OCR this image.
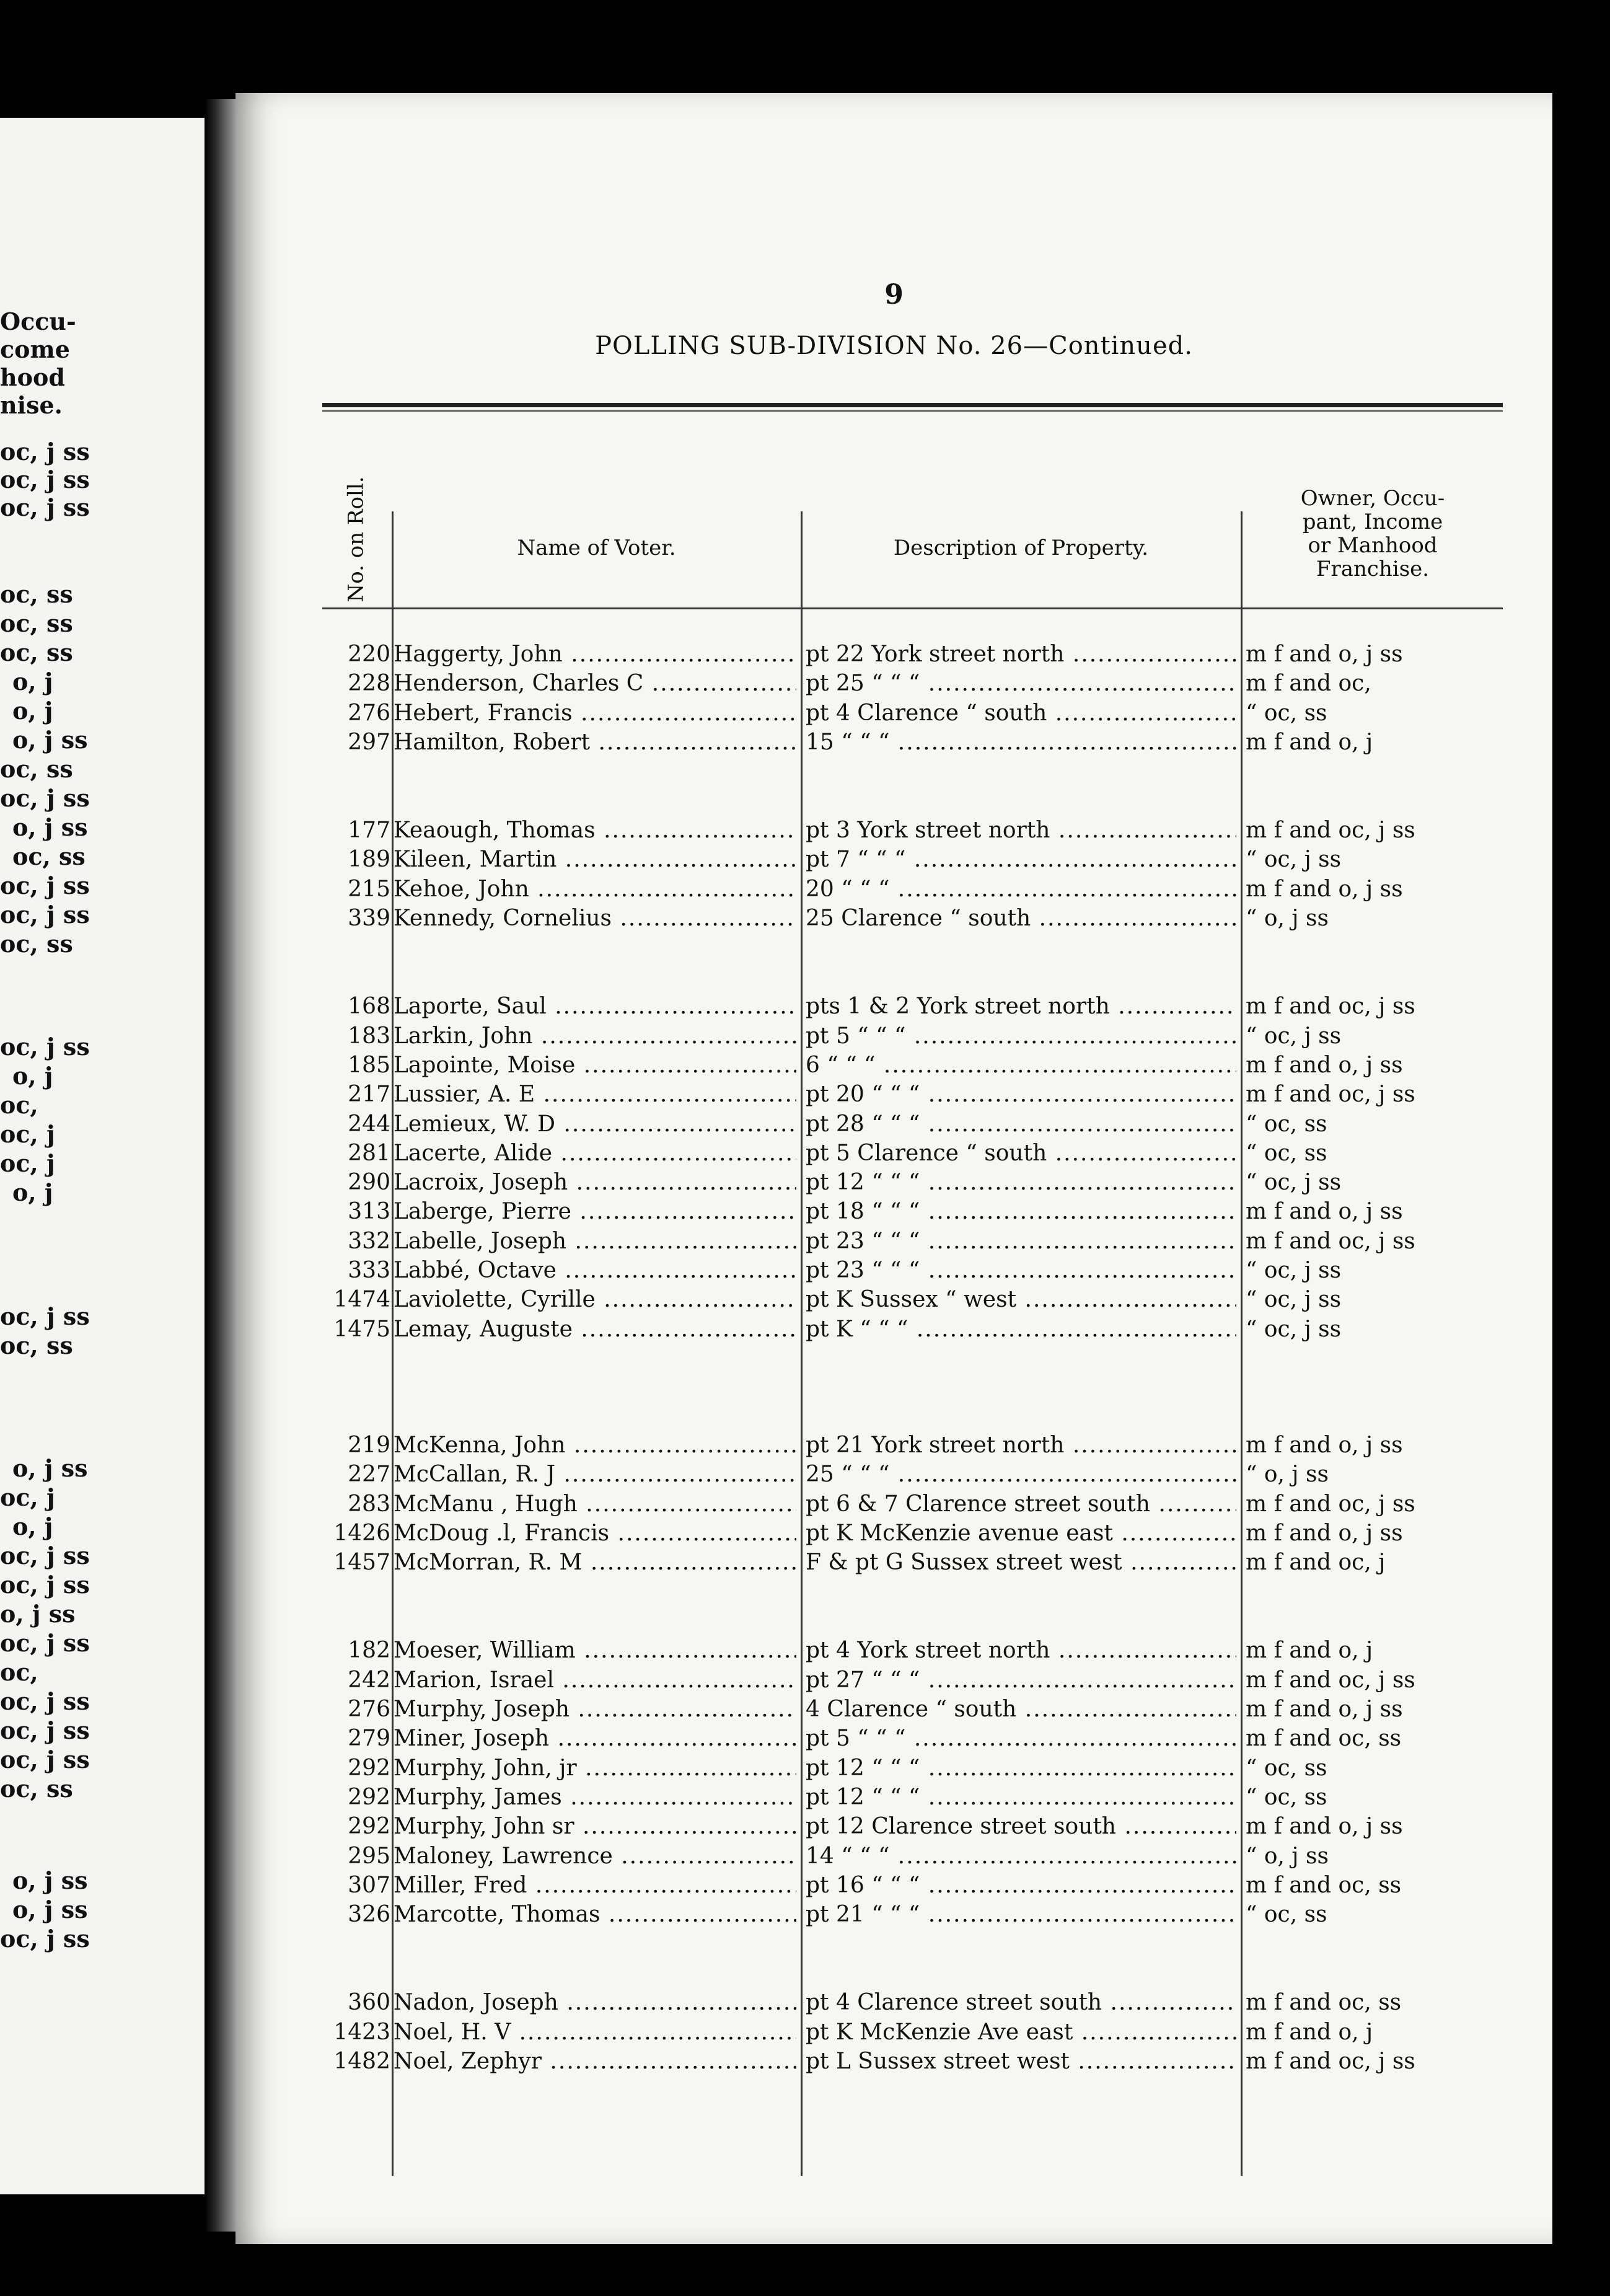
Occu-
come
hood
nise.
oc, j ss
oc, j ss
oc, j ss
oc, ss
oc, ss
oc, ss
o, j
o, j
o, j ss
oc, ss
oc, j ss
o, j ss
oc, ss
oc, j ss
oc, j ss
oc, ss
oc, j ss
o, j
oc,
oc, j
oc, j
o, j
oc, j ss
oc, ss
o, j ss
oc, j
o, j
oc, j ss
oc, j ss
o, j ss
oc, j ss
oc,
oc, j ss
oc, j ss
oc, j ss
oc, ss
o, j ss
o, j ss
oc, j ss
9
POLLING SUB-DIVISION No. 26—Continued.
No. on Roll.	Name of Voter.	Description of Property.
Owner, Occu-
pant, Income
or Manhood
Franchise.
220 Haggerty, John .....	pt 22 York street north .....	m f and o, j ss
228 Henderson, Charles C .....	pt 25 “ “ “ .....	m f and oc,
276 Hebert, Francis .....	pt 4 Clarence “ south .....	“ oc, ss
297 Hamilton, Robert .....	15 “ “ “ .....	m f and o, j
177 Keaough, Thomas .....	pt 3 York street north .....	m f and oc, j ss
189 Kileen, Martin .....	pt 7 “ “ “ .....	“ oc, j ss
215 Kehoe, John .....	20 “ “ “ .....	m f and o, j ss
339 Kennedy, Cornelius .....	25 Clarence “ south .....	“ o, j ss
168 Laporte, Saul .....	pts 1 & 2 York street north .....	m f and oc, j ss
183 Larkin, John .....	pt 5 “ “ “ .....	“ oc, j ss
185 Lapointe, Moise .....	6 “ “ “ .....	m f and o, j ss
217 Lussier, A. E .....	pt 20 “ “ “ .....	m f and oc, j ss
244 Lemieux, W. D .....	pt 28 “ “ “ .....	“ oc, ss
281 Lacerte, Alide .....	pt 5 Clarence “ south .....	“ oc, ss
290 Lacroix, Joseph .....	pt 12 “ “ “ .....	“ oc, j ss
313 Laberge, Pierre .....	pt 18 “ “ “ .....	m f and o, j ss
332 Labelle, Joseph .....	pt 23 “ “ “ .....	m f and oc, j ss
333 Labbé, Octave .....	pt 23 “ “ “ .....	“ oc, j ss
1474 Laviolette, Cyrille .....	pt K Sussex “ west .....	“ oc, j ss
1475 Lemay, Auguste .....	pt K “ “ “ .....	“ oc, j ss
219 McKenna, John .....	pt 21 York street north .....	m f and o, j ss
227 McCallan, R. J .....	25 “ “ “ .....	“ o, j ss
283 McManu , Hugh .....	pt 6 & 7 Clarence street south .....	m f and oc, j ss
1426 McDoug .l, Francis .....	pt K McKenzie avenue east .....	m f and o, j ss
1457 McMorran, R. M .....	F & pt G Sussex street west .....	m f and oc, j
182 Moeser, William .....	pt 4 York street north .....	m f and o, j
242 Marion, Israel .....	pt 27 “ “ “ .....	m f and oc, j ss
276 Murphy, Joseph .....	4 Clarence “ south .....	m f and o, j ss
279 Miner, Joseph .....	pt 5 “ “ “ .....	m f and oc, ss
292 Murphy, John, jr .....	pt 12 “ “ “ .....	“ oc, ss
292 Murphy, James .....	pt 12 “ “ “ .....	“ oc, ss
292 Murphy, John sr .....	pt 12 Clarence street south .....	m f and o, j ss
295 Maloney, Lawrence .....	14 “ “ “ .....	“ o, j ss
307 Miller, Fred .....	pt 16 “ “ “ .....	m f and oc, ss
326 Marcotte, Thomas .....	pt 21 “ “ “ .....	“ oc, ss
360 Nadon, Joseph .....	pt 4 Clarence street south .....	m f and oc, ss
1423 Noel, H. V .....	pt K McKenzie Ave east .....	m f and o, j
1482 Noel, Zephyr .....	pt L Sussex street west .....	m f and oc, j ss
